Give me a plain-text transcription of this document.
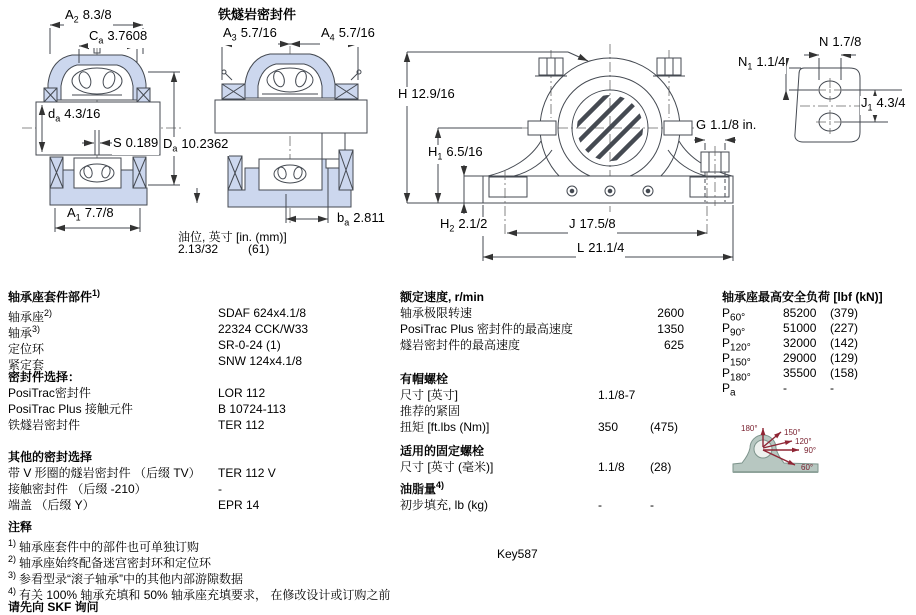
$A_2$ 8.3/8
$C_a$ 3.7608
$d_a$ 4.3/16
S 0.189 $D_a$ 10.2362
$A_1$ 7.7/8
铁燧岩密封件
$A_3$ 5.7/16	$A_4$ 5.7/16
$b_a$ 2.811
油位, 英寸 [in. (mm)]
2.13/32	(61)
H 12.9/16
$H_1$ 6.5/16
$H_2$ 2.1/2
G 1.1/8 in.
J 17.5/8
L 21.1/4
N 1.7/8
$N_1$ 1.1/4
$J_1$ 4.3/4
轴承座套件部件$^{1)}$
轴承座$^{2)}$	SDAF 624x4.1/8
轴承$^{3)}$	22324 CCK/W33
定位环	SR-0-24 (1)
紧定套	SNW 124x4.1/8
密封件选择：
PosiTrac密封件	LOR 112
PosiTrac Plus 接触元件	B 10724-113
铁燧岩密封件	TER 112
其他的密封选择
带 V 形圈的燧岩密封件 （后缀 TV） TER 112 V
接触密封件 （后缀 -210）	-
端盖 （后缀 Y）	EPR 14
注释
$^{1)}$ 轴承座套件中的部件也可单独订购
$^{2)}$ 轴承座始终配备迷宫密封环和定位环
$^{3)}$ 参看型录“滚子轴承”中的其他内部游隙数据
$^{4)}$ 有关 100% 轴承充填和 50% 轴承座充填要求， 在修改设计或订购之前
请先向 SKF 询问
额定速度, r/min
轴承极限转速	2600
PosiTrac Plus 密封件的最高速度	1350
燧岩密封件的最高速度	625
有帽螺栓
尺寸 [英寸]	1.1/8-7
推荐的紧固
扭矩 [ft.lbs (Nm)]	350	(475)
适用的固定螺栓
尺寸 [英寸 (毫米)]	1.1/8 (28)
油脂量$^{4)}$
初步填充, lb (kg)	-	-
Key587
轴承座最高安全负荷 [lbf (kN)]
$P_{60^\circ}$	85200 (379)
$P_{90^\circ}$	51000 (227)
$P_{120^\circ}$	32000 (142)
$P_{150^\circ}$	29000 (129)
$P_{180^\circ}$	35500 (158)
$P_a$	-	-
180°	150°
120°
90°
60°
